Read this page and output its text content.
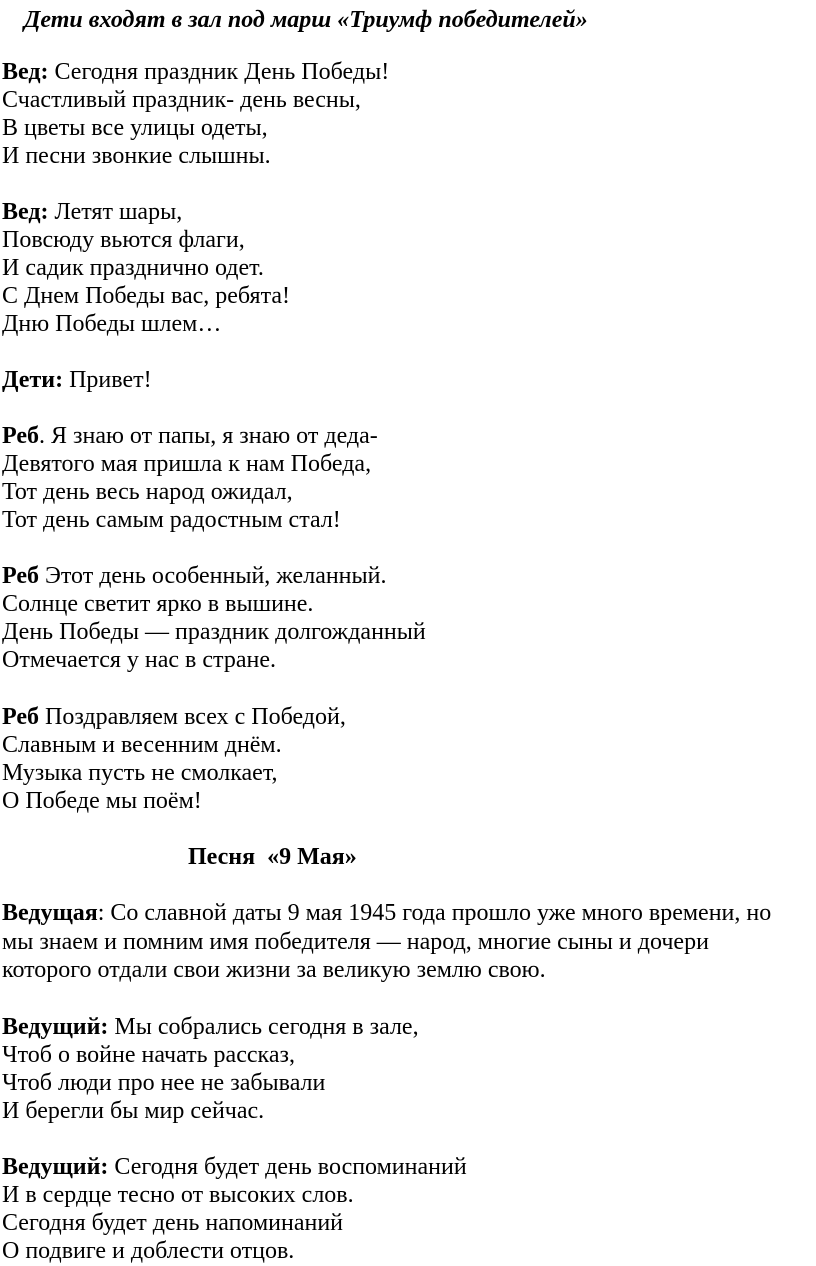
Дети входят в зал под марш «Триумф победителей»
Вед: Сегодня праздник День Победы!
Счастливый праздник- день весны,
В цветы все улицы одеты,
И песни звонкие слышны.
Вед: Летят шары,
Повсюду вьются флаги,
И садик празднично одет.
С Днем Победы вас, ребята!
Дню Победы шлем…
Дети: Привет!
Реб. Я знаю от папы, я знаю от деда-
Девятого мая пришла к нам Победа,
Тот день весь народ ожидал,
Тот день самым радостным стал!
Реб Этот день особенный, желанный.
Солнце светит ярко в вышине.
День Победы — праздник долгожданный
Отмечается у нас в стране.
Реб Поздравляем всех с Победой,
Славным и весенним днём.
Музыка пусть не смолкает,
О Победе мы поём!
Песня  «9 Мая»
Ведущая: Со славной даты 9 мая 1945 года прошло уже много времени, но мы знаем и помним имя победителя — народ, многие сыны и дочери которого отдали свои жизни за великую землю свою.
Ведущий: Мы собрались сегодня в зале,
Чтоб о войне начать рассказ,
Чтоб люди про нее не забывали
И берегли бы мир сейчас.
Ведущий: Сегодня будет день воспоминаний
И в сердце тесно от высоких слов.
Сегодня будет день напоминаний
О подвиге и доблести отцов.
